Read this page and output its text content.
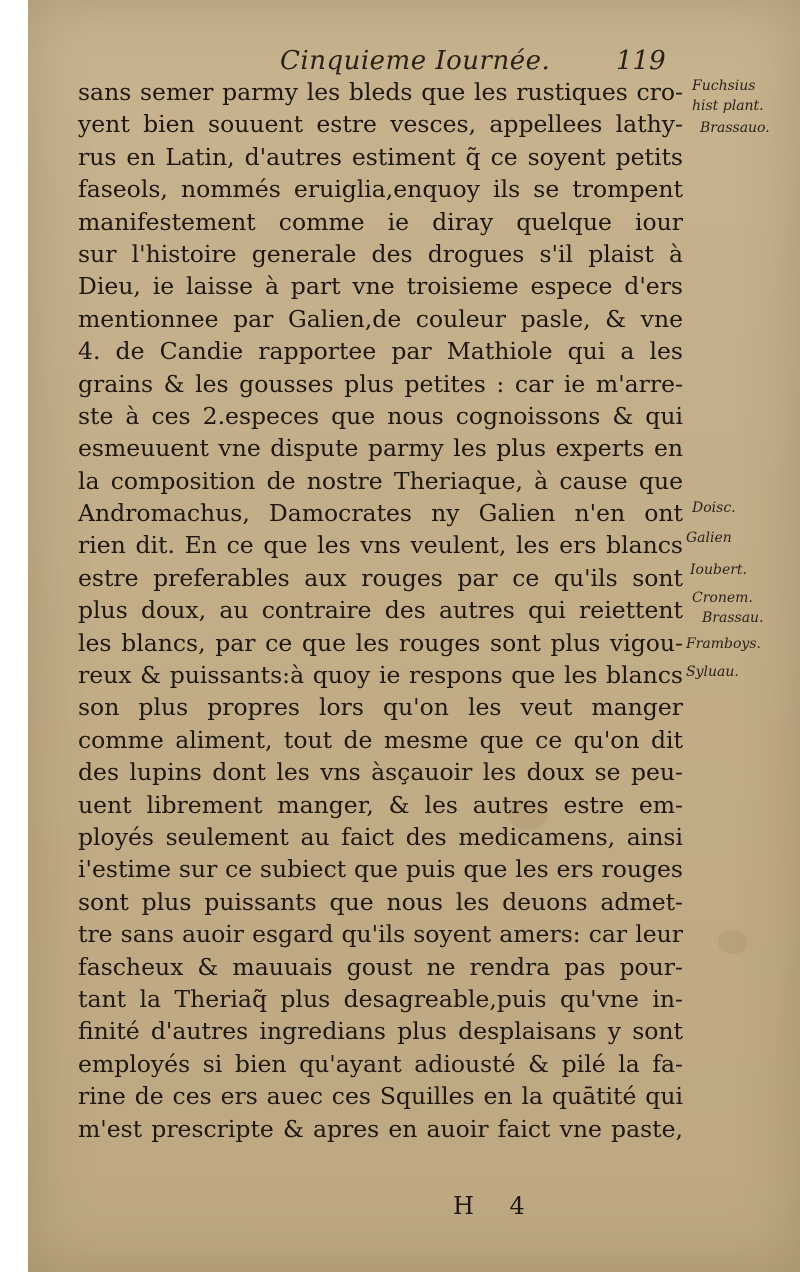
Cinquieme Iournée.	119
sans semer parmy les bleds que les rustiques cro-
yent bien souuent estre vesces, appellees lathy-
rus en Latin, d'autres estiment q̃ ce soyent petits
faseols, nommés eruiglia,enquoy ils se trompent
manifestement comme ie diray quelque iour
sur l'histoire generale des drogues s'il plaist à
Dieu, ie laisse à part vne troisieme espece d'ers
mentionnee par Galien,de couleur pasle, & vne
4. de Candie rapportee par Mathiole qui a les
grains & les gousses plus petites : car ie m'arre-
ste à ces 2.especes que nous cognoissons & qui
esmeuuent vne dispute parmy les plus experts en
la composition de nostre Theriaque, à cause que
Andromachus, Damocrates ny Galien n'en ont
rien dit. En ce que les vns veulent, les ers blancs
estre preferables aux rouges par ce qu'ils sont
plus doux, au contraire des autres qui reiettent
les blancs, par ce que les rouges sont plus vigou-
reux & puissants:à quoy ie respons que les blancs
son plus propres lors qu'on les veut manger
comme aliment, tout de mesme que ce qu'on dit
des lupins dont les vns àsçauoir les doux se peu-
uent librement manger, & les autres estre em-
ployés seulement au faict des medicamens, ainsi
i'estime sur ce subiect que puis que les ers rouges
sont plus puissants que nous les deuons admet-
tre sans auoir esgard qu'ils soyent amers: car leur
fascheux & mauuais goust ne rendra pas pour-
tant la Theriaq̃ plus desagreable,puis qu'vne in-
finité d'autres ingredians plus desplaisans y sont
employés si bien qu'ayant adiousté & pilé la fa-
rine de ces ers auec ces Squilles en la quātité qui
m'est prescripte & apres en auoir faict vne paste,
Fuchsius
hist plant.
Brassauo.
Doisc.
Galien
Ioubert.
Cronem.
Brassau.
Framboys.
Syluau.
H 4
